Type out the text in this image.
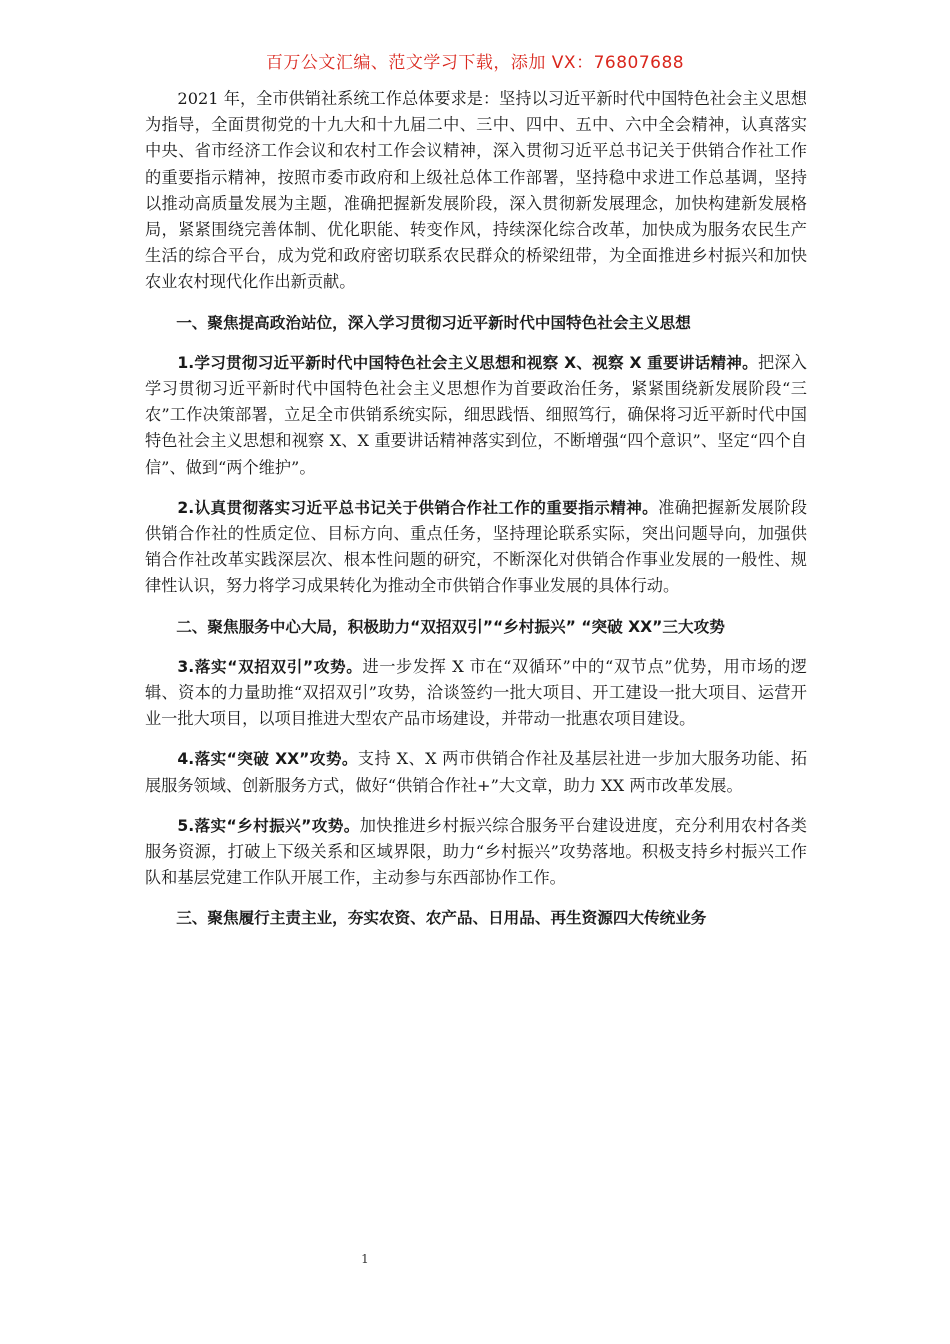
百万公文汇编、范文学习下载，添加 VX：76807688

2021 年，全市供销社系统工作总体要求是：坚持以习近平新时代中国特色社会主义思想为指导，全面贯彻党的十九大和十九届二中、三中、四中、五中、六中全会精神，认真落实中央、省市经济工作会议和农村工作会议精神，深入贯彻习近平总书记关于供销合作社工作的重要指示精神，按照市委市政府和上级社总体工作部署，坚持稳中求进工作总基调，坚持以推动高质量发展为主题，准确把握新发展阶段，深入贯彻新发展理念，加快构建新发展格局，紧紧围绕完善体制、优化职能、转变作风，持续深化综合改革，加快成为服务农民生产生活的综合平台，成为党和政府密切联系农民群众的桥梁纽带，为全面推进乡村振兴和加快农业农村现代化作出新贡献。

一、聚焦提高政治站位，深入学习贯彻习近平新时代中国特色社会主义思想

1.学习贯彻习近平新时代中国特色社会主义思想和视察 X、视察 X 重要讲话精神。把深入学习贯彻习近平新时代中国特色社会主义思想作为首要政治任务，紧紧围绕新发展阶段“三农”工作决策部署，立足全市供销系统实际，细思践悟、细照笃行，确保将习近平新时代中国特色社会主义思想和视察 X、X 重要讲话精神落实到位，不断增强“四个意识”、坚定“四个自信”、做到“两个维护”。

2.认真贯彻落实习近平总书记关于供销合作社工作的重要指示精神。准确把握新发展阶段供销合作社的性质定位、目标方向、重点任务，坚持理论联系实际，突出问题导向，加强供销合作社改革实践深层次、根本性问题的研究，不断深化对供销合作事业发展的一般性、规律性认识，努力将学习成果转化为推动全市供销合作事业发展的具体行动。

二、聚焦服务中心大局，积极助力“双招双引”“乡村振兴” “突破 XX”三大攻势

3.落实“双招双引”攻势。进一步发挥 X 市在“双循环”中的“双节点”优势，用市场的逻辑、资本的力量助推“双招双引”攻势，洽谈签约一批大项目、开工建设一批大项目、运营开业一批大项目，以项目推进大型农产品市场建设，并带动一批惠农项目建设。

4.落实“突破 XX”攻势。支持 X、X 两市供销合作社及基层社进一步加大服务功能、拓展服务领域、创新服务方式，做好“供销合作社+”大文章，助力 XX 两市改革发展。

5.落实“乡村振兴”攻势。加快推进乡村振兴综合服务平台建设进度，充分利用农村各类服务资源，打破上下级关系和区域界限，助力“乡村振兴”攻势落地。积极支持乡村振兴工作队和基层党建工作队开展工作，主动参与东西部协作工作。

三、聚焦履行主责主业，夯实农资、农产品、日用品、再生资源四大传统业务

1
